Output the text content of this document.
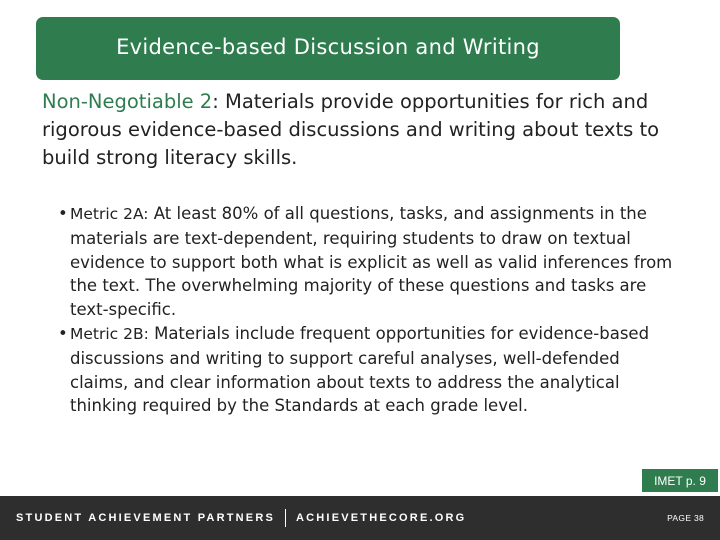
Evidence-based Discussion and Writing
Non-Negotiable 2: Materials provide opportunities for rich and rigorous evidence-based discussions and writing about texts to build strong literacy skills.
• Metric 2A: At least 80% of all questions, tasks, and assignments in the materials are text-dependent, requiring students to draw on textual evidence to support both what is explicit as well as valid inferences from the text. The overwhelming majority of these questions and tasks are text-specific.
• Metric 2B: Materials include frequent opportunities for evidence-based discussions and writing to support careful analyses, well-defended claims, and clear information about texts to address the analytical thinking required by the Standards at each grade level.
IMET p. 9
STUDENT ACHIEVEMENT PARTNERS ACHIEVETHECORE.ORG	PAGE 38
